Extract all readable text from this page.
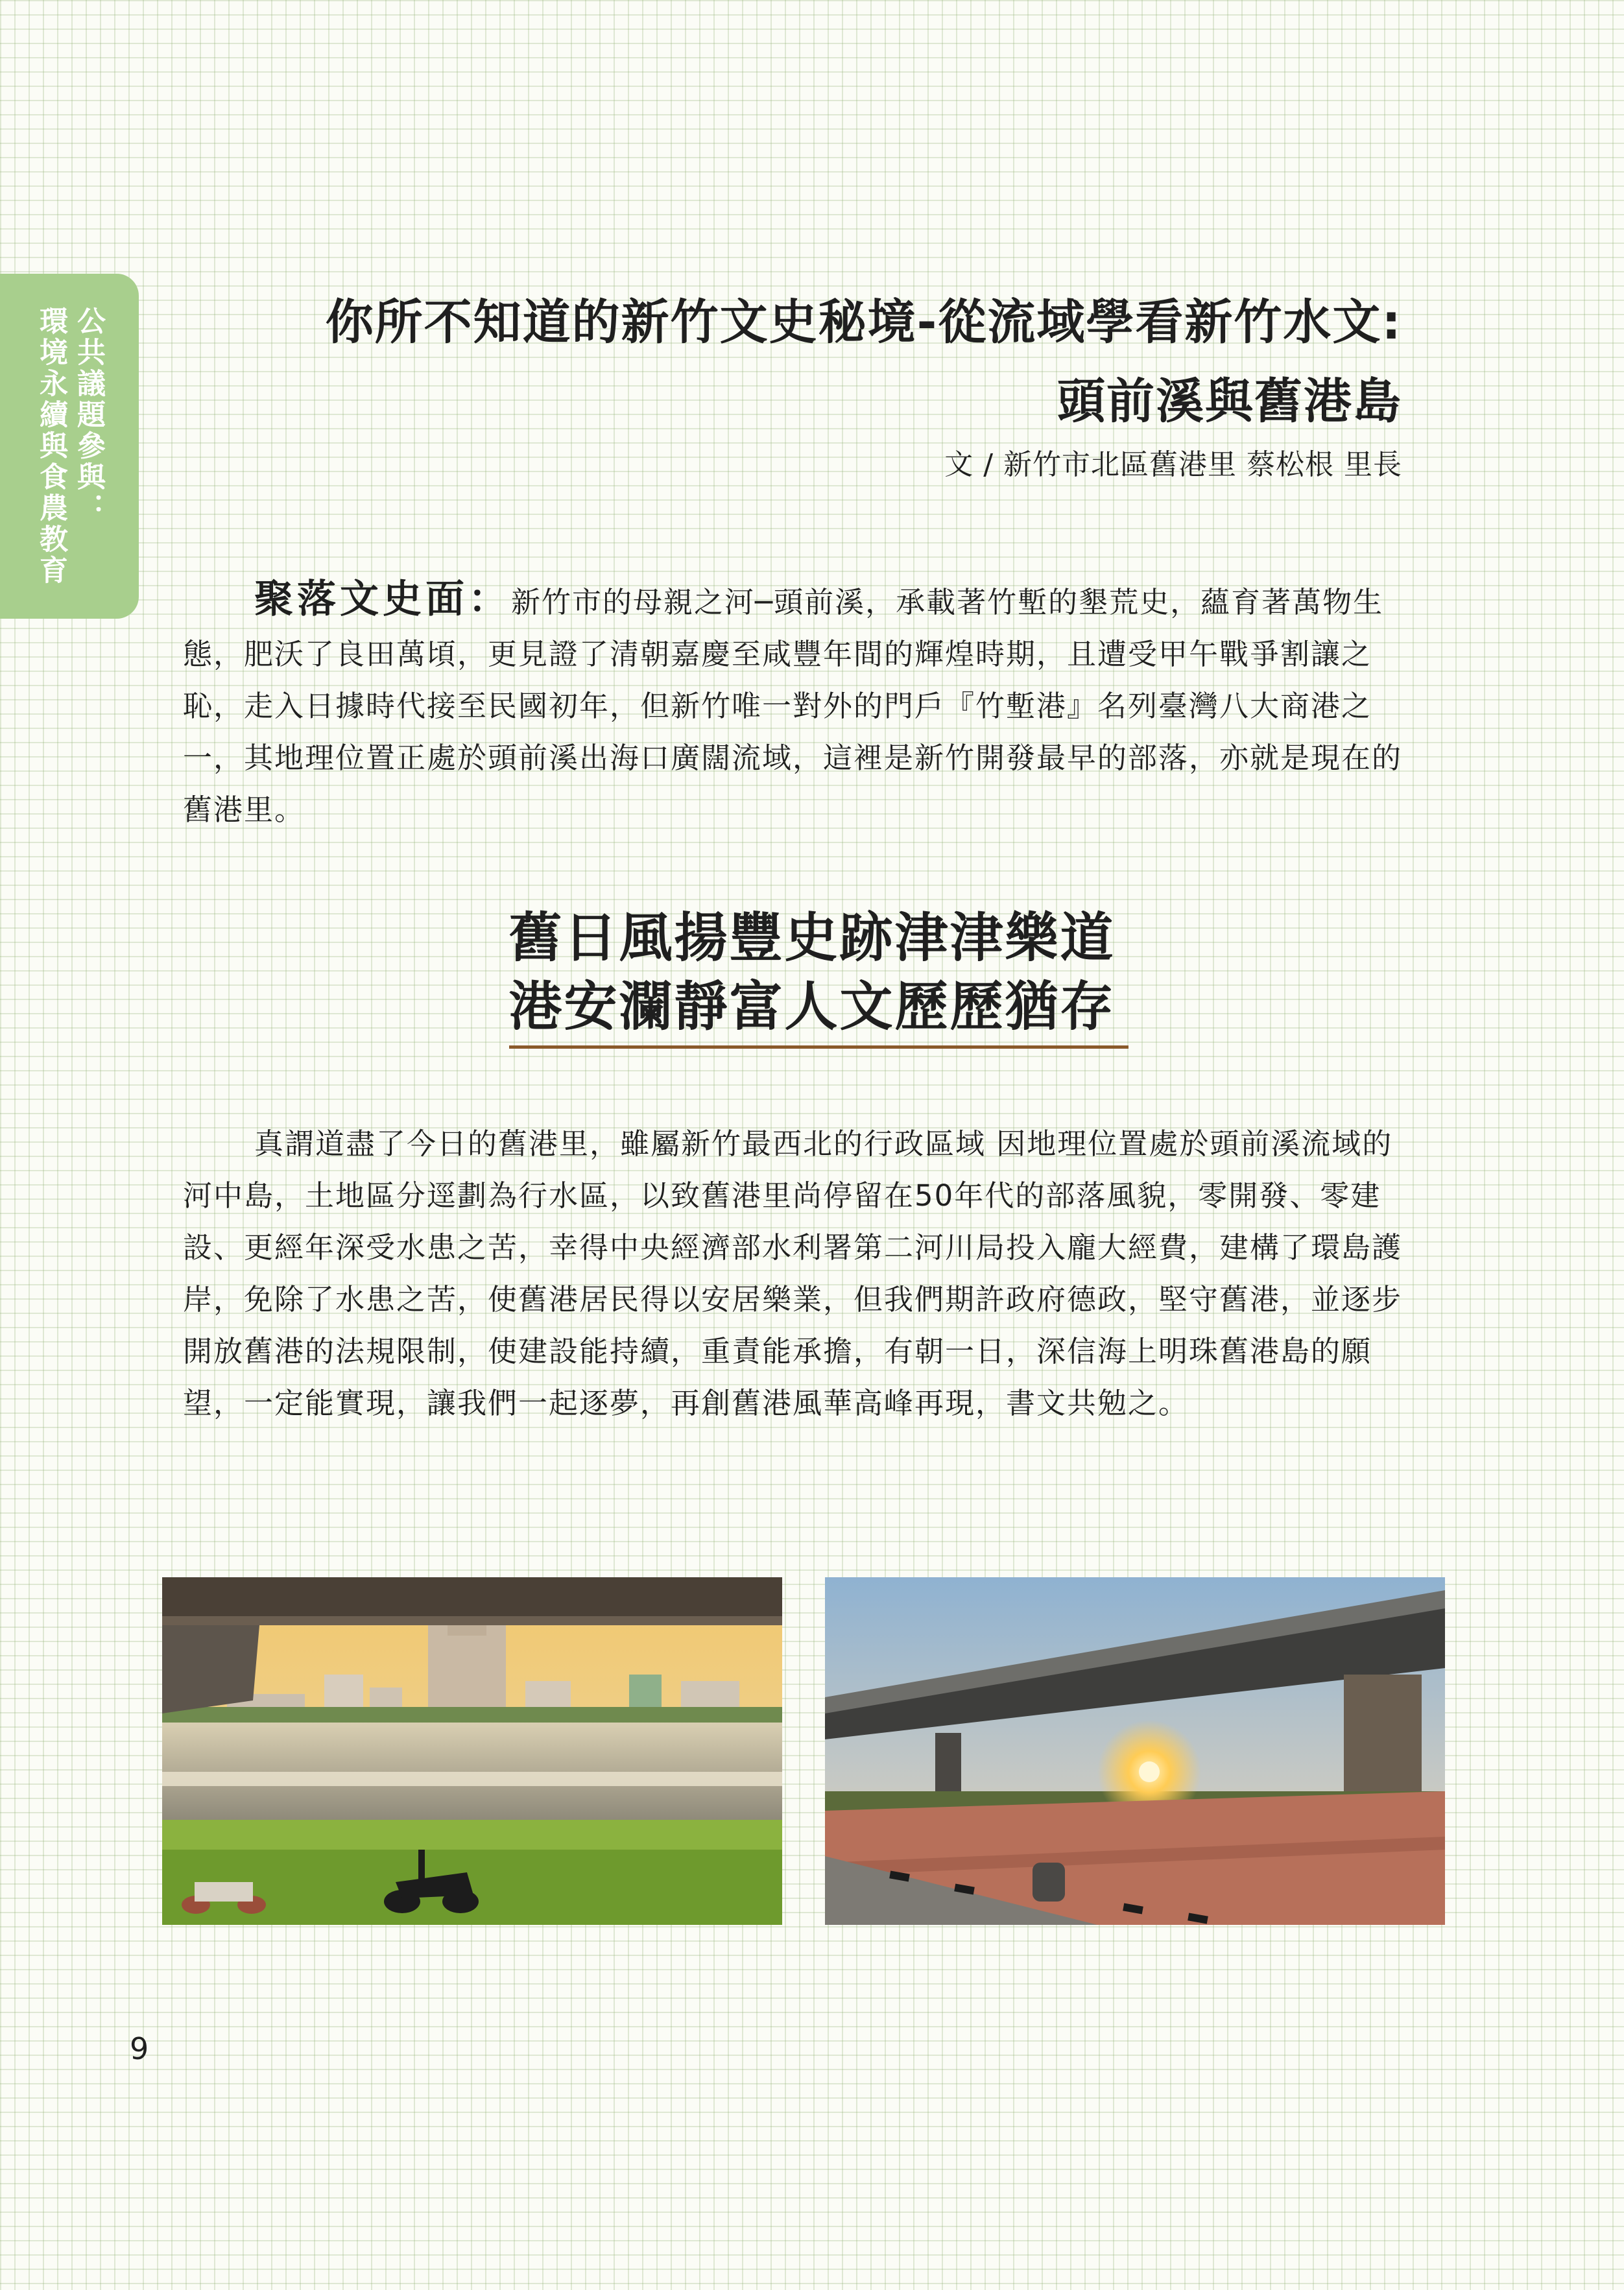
公共議題參與：
環境永續與食農教育	你所不知道的新竹文史秘境-從流域學看新竹水文:
頭前溪與舊港島
文 / 新竹市北區舊港里 蔡松根 里長

聚落文史面：新竹市的母親之河─頭前溪，承載著竹塹的墾荒史，蘊育著萬物生態，肥沃了良田萬頃，更見證了清朝嘉慶至咸豐年間的輝煌時期，且遭受甲午戰爭割讓之恥，走入日據時代接至民國初年，但新竹唯一對外的門戶『竹塹港』名列臺灣八大商港之一，其地理位置正處於頭前溪出海口廣闊流域，這裡是新竹開發最早的部落，亦就是現在的舊港里。

舊日風揚豐史跡津津樂道
港安瀾靜富人文歷歷猶存

真謂道盡了今日的舊港里，雖屬新竹最西北的行政區域 因地理位置處於頭前溪流域的河中島，土地區分逕劃為行水區，以致舊港里尚停留在50年代的部落風貌，零開發、零建設、更經年深受水患之苦，幸得中央經濟部水利署第二河川局投入龐大經費，建構了環島護岸，免除了水患之苦，使舊港居民得以安居樂業，但我們期許政府德政，堅守舊港，並逐步開放舊港的法規限制，使建設能持續，重責能承擔，有朝一日，深信海上明珠舊港島的願望，一定能實現，讓我們一起逐夢，再創舊港風華高峰再現，書文共勉之。

9
